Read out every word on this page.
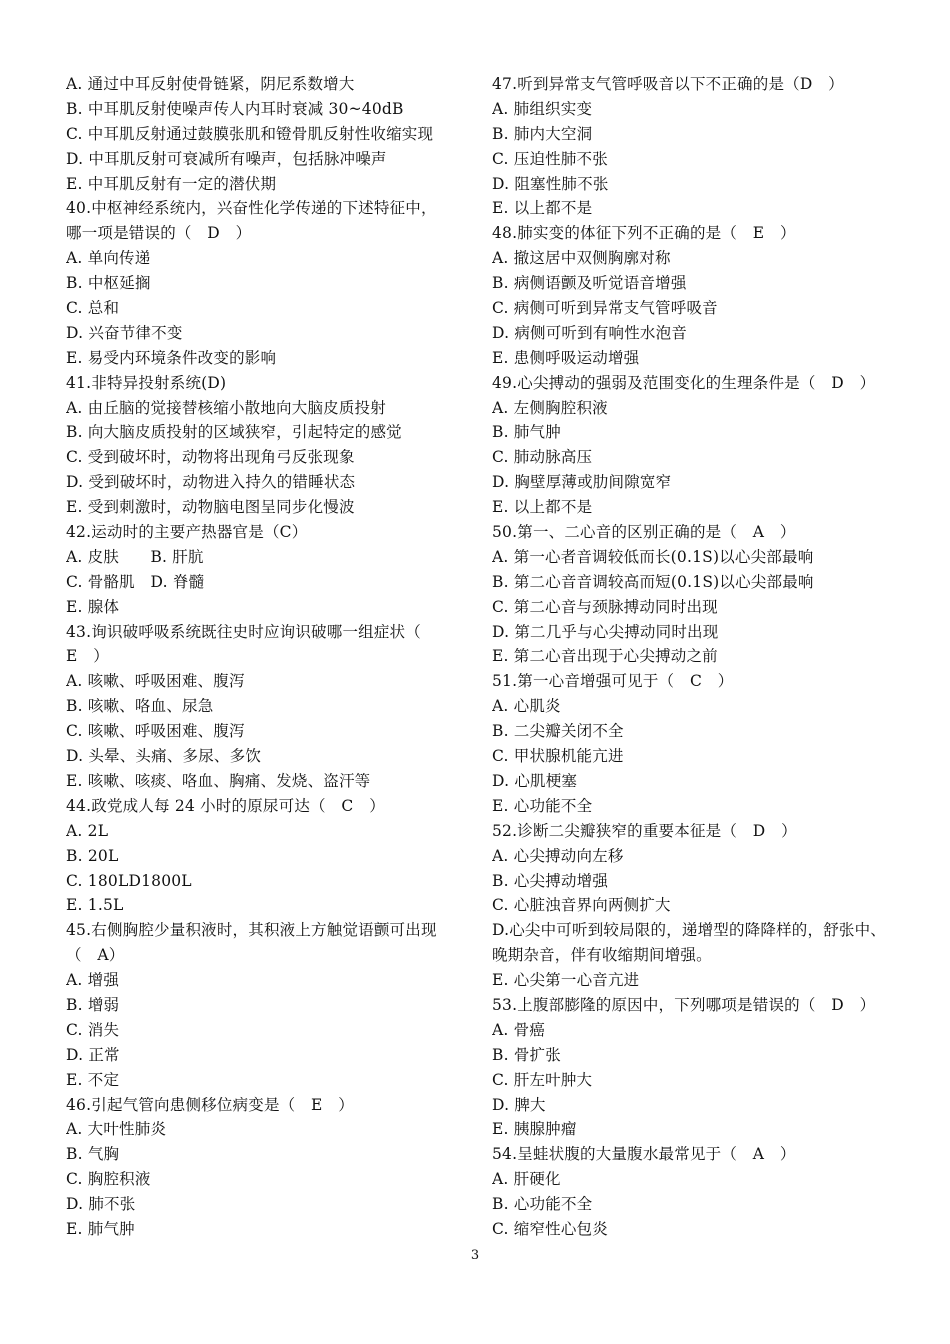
A. 通过中耳反射使骨链紧，阴尼系数增大
B. 中耳肌反射使噪声传人内耳时衰减 30~40dB
C. 中耳肌反射通过鼓膜张肌和镫骨肌反射性收缩实现
D. 中耳肌反射可衰减所有噪声，包括脉冲噪声
E. 中耳肌反射有一定的潜伏期
40.中枢神经系统内，兴奋性化学传递的下述特征中，
哪一项是错误的（　D　）
A. 单向传递
B. 中枢延搁
C. 总和
D. 兴奋节律不变
E. 易受内环境条件改变的影响
41.非特异投射系统(D)
A. 由丘脑的觉接替核缩小散地向大脑皮质投射
B. 向大脑皮质投射的区域狭窄，引起特定的感觉
C. 受到破坏时，动物将出现角弓反张现象
D. 受到破坏时，动物进入持久的错睡状态
E. 受到刺激时，动物脑电图呈同步化慢波
42.运动时的主要产热器官是（C）
A. 皮肤　　B. 肝肮
C. 骨骼肌　D. 脊髓
E. 腺体
43.询识破呼吸系统既往史时应询识破哪一组症状（
E　）
A. 咳嗽、呼吸困难、腹泻
B. 咳嗽、咯血、尿急
C. 咳嗽、呼吸困难、腹泻
D. 头晕、头痛、多尿、多饮
E. 咳嗽、咳痰、咯血、胸痛、发烧、盗汗等
44.政党成人每 24 小时的原尿可达（　C　）
A. 2L
B. 20L
C. 180LD1800L
E. 1.5L
45.右侧胸腔少量积液时，其积液上方触觉语颤可出现
（　A）
A. 增强
B. 增弱
C. 消失
D. 正常
E. 不定
46.引起气管向患侧移位病变是（　E　）
A. 大叶性肺炎
B. 气胸
C. 胸腔积液
D. 肺不张
E. 肺气肿
47.听到异常支气管呼吸音以下不正确的是（D　）
A. 肺组织实变
B. 肺内大空洞
C. 压迫性肺不张
D. 阻塞性肺不张
E. 以上都不是
48.肺实变的体征下列不正确的是（　E　）
A. 撤这居中双侧胸廓对称
B. 病侧语颤及听觉语音增强
C. 病侧可听到异常支气管呼吸音
D. 病侧可听到有响性水泡音
E. 患侧呼吸运动增强
49.心尖搏动的强弱及范围变化的生理条件是（　D　）
A. 左侧胸腔积液
B. 肺气肿
C. 肺动脉高压
D. 胸壁厚薄或肋间隙宽窄
E. 以上都不是
50.第一、二心音的区别正确的是（　A　）
A. 第一心者音调较低而长(0.1S)以心尖部最响
B. 第二心音音调较高而短(0.1S)以心尖部最响
C. 第二心音与颈脉搏动同时出现
D. 第二几乎与心尖搏动同时出现
E. 第二心音出现于心尖搏动之前
51.第一心音增强可见于（　C　）
A. 心肌炎
B. 二尖瓣关闭不全
C. 甲状腺机能亢进
D. 心肌梗塞
E. 心功能不全
52.诊断二尖瓣狭窄的重要本征是（　D　）
A. 心尖搏动向左移
B. 心尖搏动增强
C. 心脏浊音界向两侧扩大
D.心尖中可听到较局限的，递增型的降降样的，舒张中、
晚期杂音，伴有收缩期间增强。
E. 心尖第一心音亢进
53.上腹部膨隆的原因中，下列哪项是错误的（　D　）
A. 骨癌
B. 骨扩张
C. 肝左叶肿大
D. 脾大
E. 胰腺肿瘤
54.呈蛙状腹的大量腹水最常见于（　A　）
A. 肝硬化
B. 心功能不全
C. 缩窄性心包炎
3
